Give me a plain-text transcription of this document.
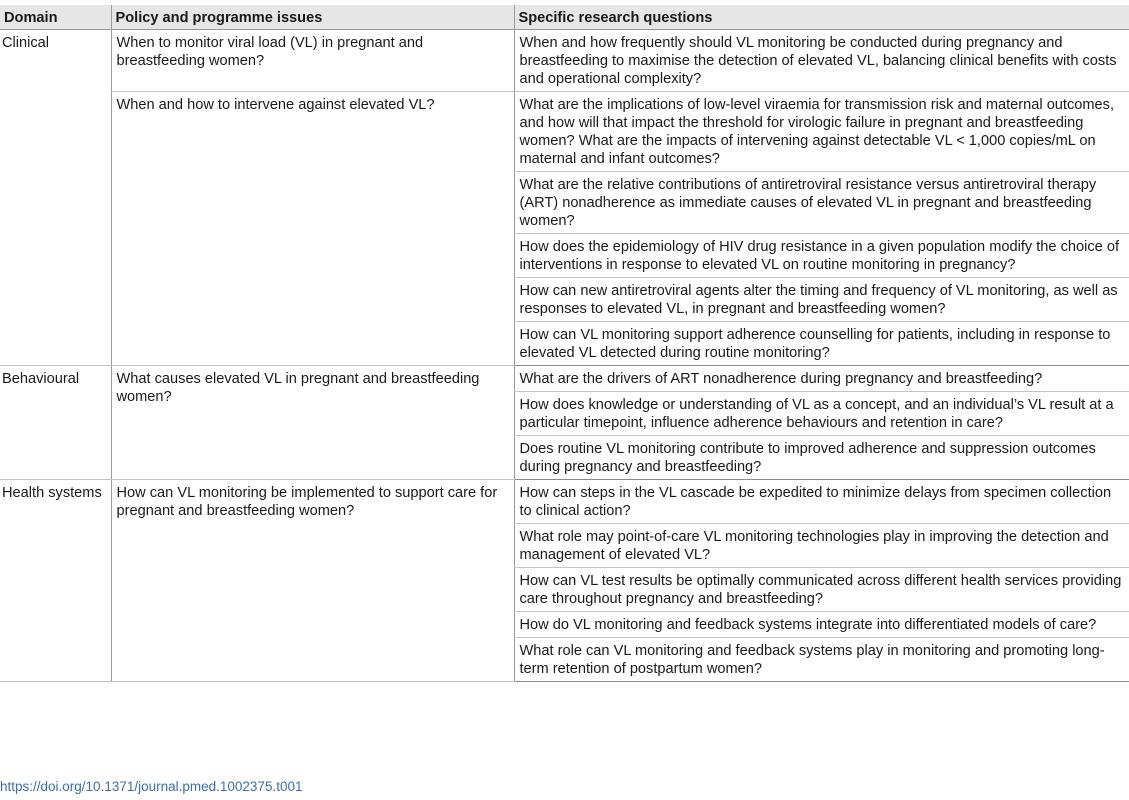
Domain	Policy and programme issues	Specific research questions
Clinical	When to monitor viral load (VL) in pregnant and breastfeeding women?	When and how frequently should VL monitoring be conducted during pregnancy and breastfeeding to maximise the detection of elevated VL, balancing clinical benefits with costs and operational complexity?
	When and how to intervene against elevated VL?	What are the implications of low-level viraemia for transmission risk and maternal outcomes, and how will that impact the threshold for virologic failure in pregnant and breastfeeding women? What are the impacts of intervening against detectable VL < 1,000 copies/mL on maternal and infant outcomes?
		What are the relative contributions of antiretroviral resistance versus antiretroviral therapy (ART) nonadherence as immediate causes of elevated VL in pregnant and breastfeeding women?
		How does the epidemiology of HIV drug resistance in a given population modify the choice of interventions in response to elevated VL on routine monitoring in pregnancy?
		How can new antiretroviral agents alter the timing and frequency of VL monitoring, as well as responses to elevated VL, in pregnant and breastfeeding women?
		How can VL monitoring support adherence counselling for patients, including in response to elevated VL detected during routine monitoring?
Behavioural	What causes elevated VL in pregnant and breastfeeding women?	What are the drivers of ART nonadherence during pregnancy and breastfeeding?
		How does knowledge or understanding of VL as a concept, and an individual’s VL result at a particular timepoint, influence adherence behaviours and retention in care?
		Does routine VL monitoring contribute to improved adherence and suppression outcomes during pregnancy and breastfeeding?
Health systems	How can VL monitoring be implemented to support care for pregnant and breastfeeding women?	How can steps in the VL cascade be expedited to minimize delays from specimen collection to clinical action?
		What role may point-of-care VL monitoring technologies play in improving the detection and management of elevated VL?
		How can VL test results be optimally communicated across different health services providing care throughout pregnancy and breastfeeding?
		How do VL monitoring and feedback systems integrate into differentiated models of care?
		What role can VL monitoring and feedback systems play in monitoring and promoting long-term retention of postpartum women?
https://doi.org/10.1371/journal.pmed.1002375.t001
